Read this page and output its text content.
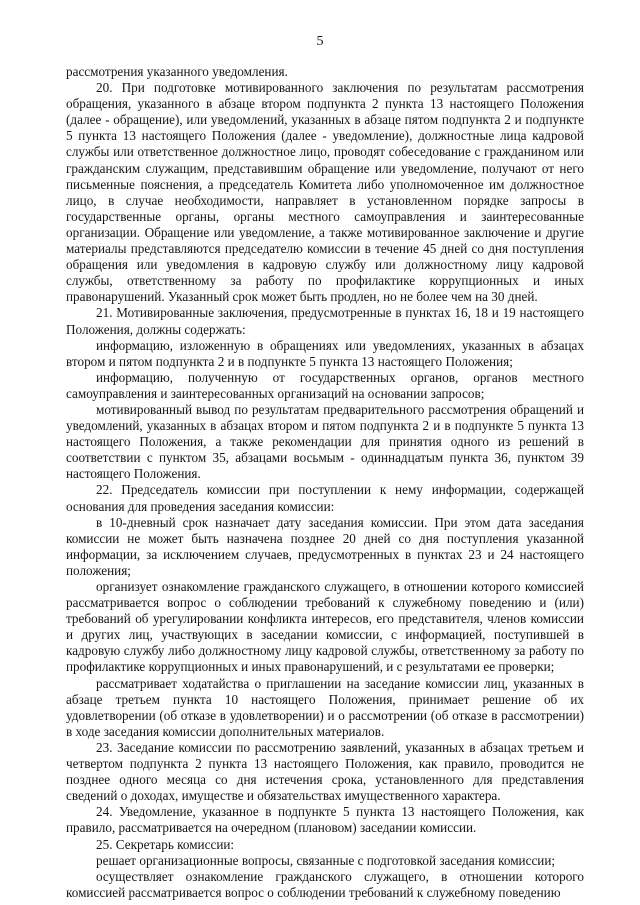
5

рассмотрения указанного уведомления.

20. При подготовке мотивированного заключения по результатам рассмотрения обращения, указанного в абзаце втором подпункта 2 пункта 13 настоящего Положения (далее - обращение), или уведомлений, указанных в абзаце пятом подпункта 2 и подпункте 5 пункта 13 настоящего Положения (далее - уведомление), должностные лица кадровой службы или ответственное должностное лицо, проводят собеседование с гражданином или гражданским служащим, представившим обращение или уведомление, получают от него письменные пояснения, а председатель Комитета либо уполномоченное им должностное лицо, в случае необходимости, направляет в установленном порядке запросы в государственные органы, органы местного самоуправления и заинтересованные организации. Обращение или уведомление, а также мотивированное заключение и другие материалы представляются председателю комиссии в течение 45 дней со дня поступления обращения или уведомления в кадровую службу или должностному лицу кадровой службы, ответственному за работу по профилактике коррупционных и иных правонарушений. Указанный срок может быть продлен, но не более чем на 30 дней.

21. Мотивированные заключения, предусмотренные в пунктах 16, 18 и 19 настоящего Положения, должны содержать:

информацию, изложенную в обращениях или уведомлениях, указанных в абзацах втором и пятом подпункта 2 и в подпункте 5 пункта 13 настоящего Положения;

информацию, полученную от государственных органов, органов местного самоуправления и заинтересованных организаций на основании запросов;

мотивированный вывод по результатам предварительного рассмотрения обращений и уведомлений, указанных в абзацах втором и пятом подпункта 2 и в подпункте 5 пункта 13 настоящего Положения, а также рекомендации для принятия одного из решений в соответствии с пунктом 35, абзацами восьмым - одиннадцатым пункта 36, пунктом 39 настоящего Положения.

22. Председатель комиссии при поступлении к нему информации, содержащей основания для проведения заседания комиссии:

в 10-дневный срок назначает дату заседания комиссии. При этом дата заседания комиссии не может быть назначена позднее 20 дней со дня поступления указанной информации, за исключением случаев, предусмотренных в пунктах 23 и 24 настоящего положения;

организует ознакомление гражданского служащего, в отношении которого комиссией рассматривается вопрос о соблюдении требований к служебному поведению и (или) требований об урегулировании конфликта интересов, его представителя, членов комиссии и других лиц, участвующих в заседании комиссии, с информацией, поступившей в кадровую службу либо должностному лицу кадровой службы, ответственному за работу по профилактике коррупционных и иных правонарушений, и с результатами ее проверки;

рассматривает ходатайства о приглашении на заседание комиссии лиц, указанных в абзаце третьем пункта 10 настоящего Положения, принимает решение об их удовлетворении (об отказе в удовлетворении) и о рассмотрении (об отказе в рассмотрении) в ходе заседания комиссии дополнительных материалов.

23. Заседание комиссии по рассмотрению заявлений, указанных в абзацах третьем и четвертом подпункта 2 пункта 13 настоящего Положения, как правило, проводится не позднее одного месяца со дня истечения срока, установленного для представления сведений о доходах, имуществе и обязательствах имущественного характера.

24. Уведомление, указанное в подпункте 5 пункта 13 настоящего Положения, как правило, рассматривается на очередном (плановом) заседании комиссии.

25. Секретарь комиссии:

решает организационные вопросы, связанные с подготовкой заседания комиссии;

осуществляет ознакомление гражданского служащего, в отношении которого комиссией рассматривается вопрос о соблюдении требований к служебному поведению
